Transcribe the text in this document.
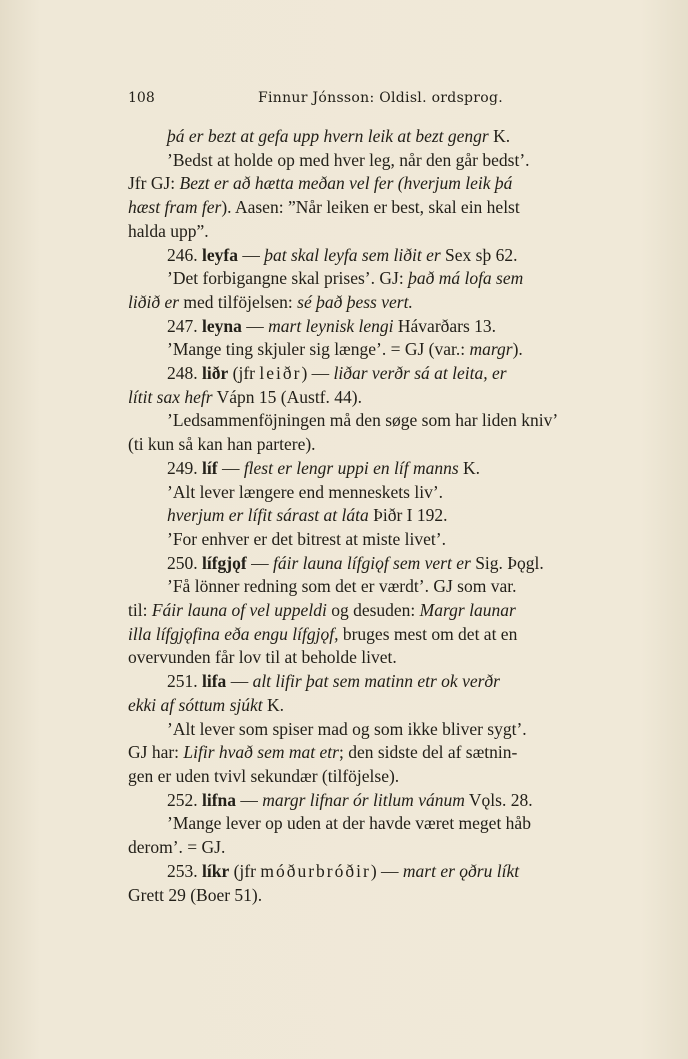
108	Finnur Jónsson: Oldisl. ordsprog.

þá er bezt at gefa upp hvern leik at bezt gengr K.

’Bedst at holde op med hver leg, når den går bedst’.

Jfr GJ: Bezt er að hætta meðan vel fer (hverjum leik þá

hæst fram fer). Aasen: ”Når leiken er best, skal ein helst

halda upp”.

246. leyfa — þat skal leyfa sem liðit er Sex sþ 62.

’Det forbigangne skal prises’. GJ: það má lofa sem

liðið er med tilföjelsen: sé það þess vert.

247. leyna — mart leynisk lengi Hávarðars 13.

’Mange ting skjuler sig længe’. = GJ (var.: margr).

248. liðr (jfr leiðr) — liðar verðr sá at leita, er

lítit sax hefr Vápn 15 (Austf. 44).

’Ledsammenföjningen må den søge som har liden kniv’

(ti kun så kan han partere).

249. líf — flest er lengr uppi en líf manns K.

’Alt lever længere end menneskets liv’.

hverjum er lífit sárast at láta Þiðr I 192.

’For enhver er det bitrest at miste livet’.

250. lífgjǫf — fáir launa lífgiǫf sem vert er Sig. Þǫgl.

’Få lönner redning som det er værdt’. GJ som var.

til: Fáir launa of vel uppeldi og desuden: Margr launar

illa lífgjǫfina eða engu lífgjǫf, bruges mest om det at en

overvunden får lov til at beholde livet.

251. lifa — alt lifir þat sem matinn etr ok verðr

ekki af sóttum sjúkt K.

’Alt lever som spiser mad og som ikke bliver sygt’.

GJ har: Lifir hvað sem mat etr; den sidste del af sætnin-

gen er uden tvivl sekundær (tilföjelse).

252. lifna — margr lifnar ór litlum vánum Vǫls. 28.

’Mange lever op uden at der havde været meget håb

derom’. = GJ.

253. líkr (jfr móðurbróðir) — mart er ǫðru líkt

Grett 29 (Boer 51).
